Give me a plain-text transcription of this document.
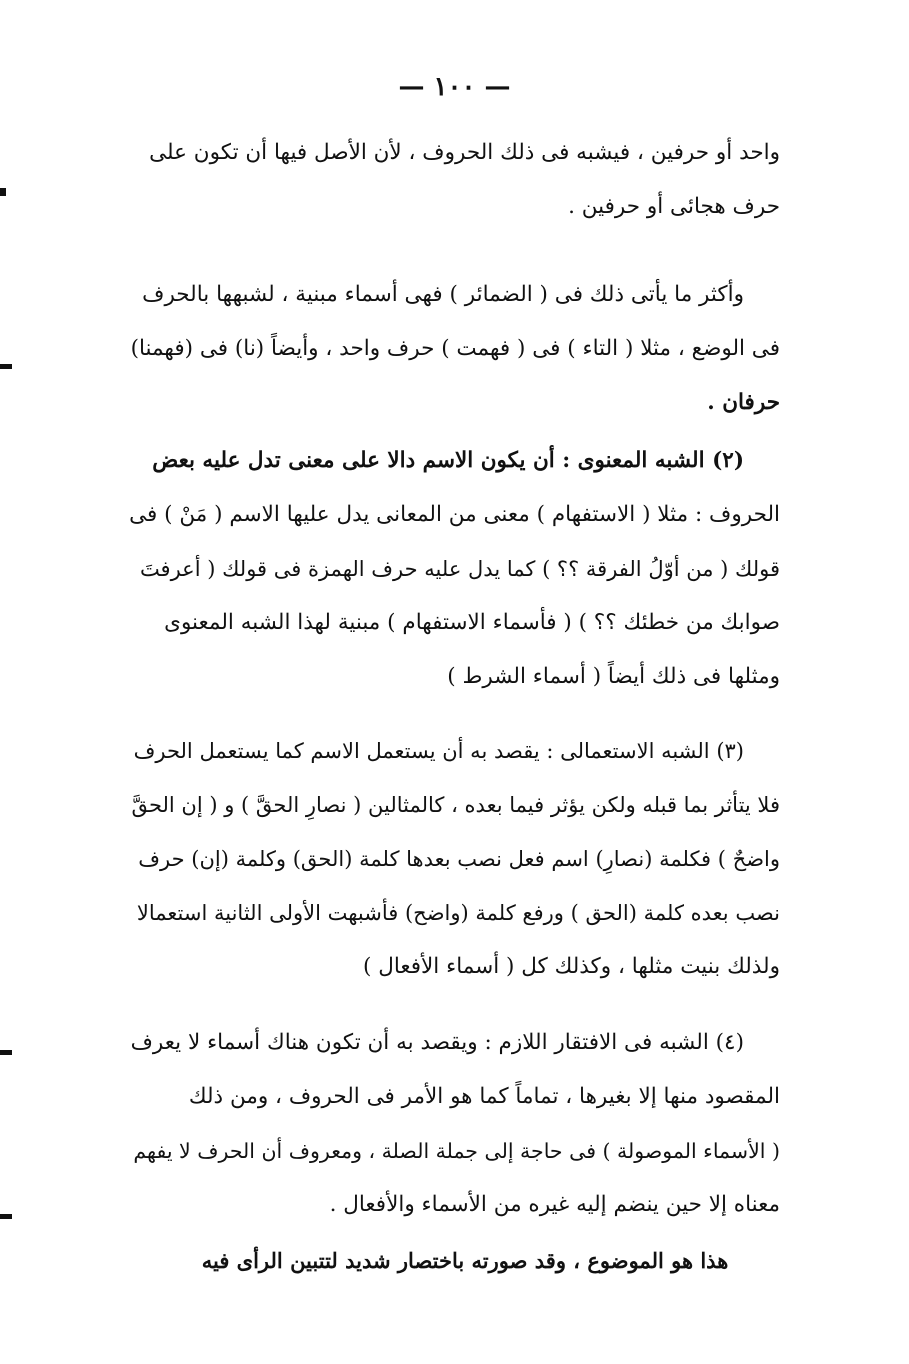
— ١٠٠ —
واحد أو حرفين ، فيشبه فى ذلك الحروف ، لأن الأصل فيها أن تكون على
حرف هجائى أو حرفين .
وأكثر ما يأتى ذلك فى ( الضمائر ) فهى أسماء مبنية ، لشبهها بالحرف
فى الوضع ، مثلا ( التاء ) فى ( فهمت ) حرف واحد ، وأيضاً (نا) فى (فهمنا)
حرفان .
(٢) الشبه المعنوى : أن يكون الاسم دالا على معنى تدل عليه بعض
الحروف : مثلا ( الاستفهام ) معنى من المعانى يدل عليها الاسم ( مَنْ ) فى
قولك ( من أوّلُ الفرقة ؟؟ ) كما يدل عليه حرف الهمزة فى قولك ( أعرفتَ
صوابك من خطئك ؟؟ ) ( فأسماء الاستفهام ) مبنية لهذا الشبه المعنوى
ومثلها فى ذلك أيضاً ( أسماء الشرط )
(٣) الشبه الاستعمالى : يقصد به أن يستعمل الاسم كما يستعمل الحرف
فلا يتأثر بما قبله ولكن يؤثر فيما بعده ، كالمثالين ( نصارِ الحقَّ ) و ( إن الحقَّ
واضحٌ ) فكلمة (نصارِ) اسم فعل نصب بعدها كلمة (الحق) وكلمة (إن) حرف
نصب بعده كلمة (الحق ) ورفع كلمة (واضح) فأشبهت الأولى الثانية استعمالا
ولذلك بنيت مثلها ، وكذلك كل ( أسماء الأفعال )
(٤) الشبه فى الافتقار اللازم : ويقصد به أن تكون هناك أسماء لا يعرف
المقصود منها إلا بغيرها ، تماماً كما هو الأمر فى الحروف ، ومن ذلك
( الأسماء الموصولة ) فى حاجة إلى جملة الصلة ، ومعروف أن الحرف لا يفهم
معناه إلا حين ينضم إليه غيره من الأسماء والأفعال .
هذا هو الموضوع ، وقد صورته باختصار شديد لتتبين الرأى فيه
